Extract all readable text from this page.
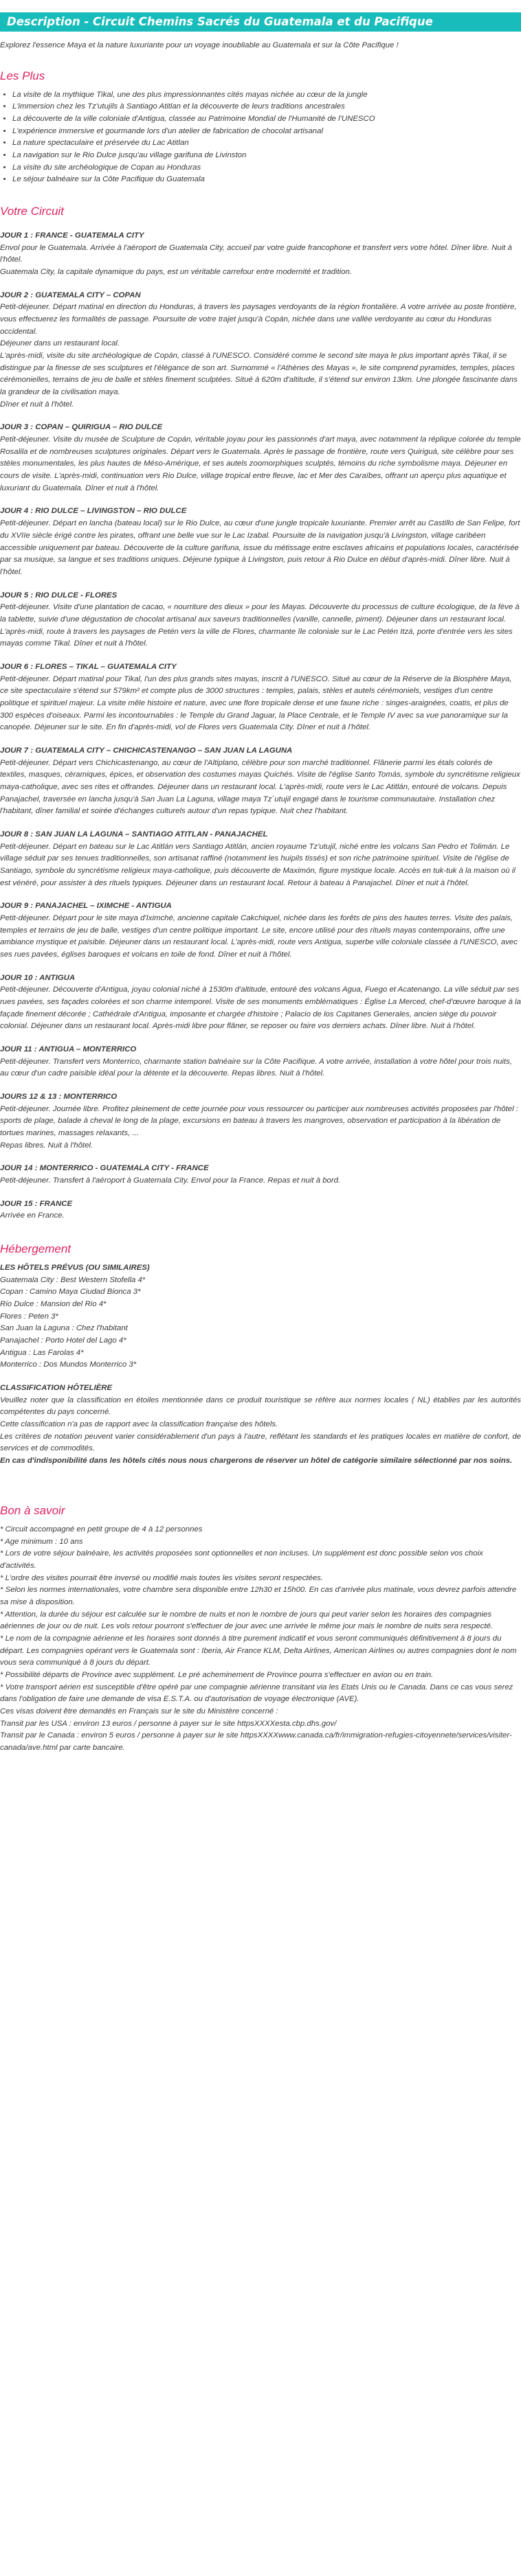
Description - Circuit Chemins Sacrés du Guatemala et du Pacifique

Explorez l'essence Maya et la nature luxuriante pour un voyage inoubliable au Guatemala et sur la Côte Pacifique !

Les Plus
• La visite de la mythique Tikal, une des plus impressionnantes cités mayas nichée au cœur de la jungle
• L'immersion chez les Tz'utujils à Santiago Atitlan et la découverte de leurs traditions ancestrales
• La découverte de la ville coloniale d'Antigua, classée au Patrimoine Mondial de l'Humanité de l'UNESCO
• L'expérience immersive et gourmande lors d'un atelier de fabrication de chocolat artisanal
• La nature spectaculaire et préservée du Lac Atitlan
• La navigation sur le Rio Dulce jusqu'au village garifuna de Livinston
• La visite du site archéologique de Copan au Honduras
• Le séjour balnéaire sur la Côte Pacifique du Guatemala
Votre Circuit
JOUR 1 : FRANCE - GUATEMALA CITY
Envol pour le Guatemala. Arrivée à l'aéroport de Guatemala City, accueil par votre guide francophone et transfert vers votre hôtel. Dîner libre. Nuit à l'hôtel.
Guatemala City, la capitale dynamique du pays, est un véritable carrefour entre modernité et tradition.
JOUR 2 : GUATEMALA CITY – COPAN
Petit-déjeuner. Départ matinal en direction du Honduras, à travers les paysages verdoyants de la région frontalière. A votre arrivée au poste frontière, vous effectuerez les formalités de passage. Poursuite de votre trajet jusqu'à Copán, nichée dans une vallée verdoyante au cœur du Honduras occidental.
Déjeuner dans un restaurant local.
L'après-midi, visite du site archéologique de Copán, classé à l'UNESCO. Considéré comme le second site maya le plus important après Tikal, il se distingue par la finesse de ses sculptures et l'élégance de son art. Surnommé « l'Athènes des Mayas », le site comprend pyramides, temples, places cérémonielles, terrains de jeu de balle et stèles finement sculptées. Situé à 620m d'altitude, il s'étend sur environ 13km. Une plongée fascinante dans la grandeur de la civilisation maya.
Dîner et nuit à l'hôtel.
JOUR 3 : COPAN – QUIRIGUA – RIO DULCE
Petit-déjeuner. Visite du musée de Sculpture de Copán, véritable joyau pour les passionnés d'art maya, avec notamment la réplique colorée du temple Rosalila et de nombreuses sculptures originales. Départ vers le Guatemala. Après le passage de frontière, route vers Quiriguá, site célèbre pour ses stèles monumentales, les plus hautes de Méso-Amérique, et ses autels zoomorphiques sculptés, témoins du riche symbolisme maya. Déjeuner en cours de visite. L'après-midi, continuation vers Rio Dulce, village tropical entre fleuve, lac et Mer des Caraïbes, offrant un aperçu plus aquatique et luxuriant du Guatemala. Dîner et nuit à l'hôtel.
JOUR 4 : RIO DULCE – LIVINGSTON – RIO DULCE
Petit-déjeuner. Départ en lancha (bateau local) sur le Rio Dulce, au cœur d'une jungle tropicale luxuriante. Premier arrêt au Castillo de San Felipe, fort du XVIIe siècle érigé contre les pirates, offrant une belle vue sur le Lac Izabal. Poursuite de la navigation jusqu'à Livingston, village caribéen accessible uniquement par bateau. Découverte de la culture garifuna, issue du métissage entre esclaves africains et populations locales, caractérisée par sa musique, sa langue et ses traditions uniques. Déjeune typique à Livingston, puis retour à Rio Dulce en début d'après-midi. Dîner libre. Nuit à l'hôtel.
JOUR 5 : RIO DULCE - FLORES
Petit-déjeuner. Visite d'une plantation de cacao, « nourriture des dieux » pour les Mayas. Découverte du processus de culture écologique, de la fève à la tablette, suivie d'une dégustation de chocolat artisanal aux saveurs traditionnelles (vanille, cannelle, piment). Déjeuner dans un restaurant local. L'après-midi, route à travers les paysages de Petén vers la ville de Flores, charmante île coloniale sur le Lac Petén Itzá, porte d'entrée vers les sites mayas comme Tikal. Dîner et nuit à l'hôtel.
JOUR 6 : FLORES – TIKAL – GUATEMALA CITY
Petit-déjeuner. Départ matinal pour Tikal, l'un des plus grands sites mayas, inscrit à l'UNESCO. Situé au cœur de la Réserve de la Biosphère Maya, ce site spectaculaire s'étend sur 579km² et compte plus de 3000 structures : temples, palais, stèles et autels cérémoniels, vestiges d'un centre politique et spirituel majeur. La visite mêle histoire et nature, avec une flore tropicale dense et une faune riche : singes-araignées, coatis, et plus de 300 espèces d'oiseaux. Parmi les incontournables : le Temple du Grand Jaguar, la Place Centrale, et le Temple IV avec sa vue panoramique sur la canopée. Déjeuner sur le site. En fin d'après-midi, vol de Flores vers Guatemala City. Dîner et nuit à l'hôtel.
JOUR 7 : GUATEMALA CITY – CHICHICASTENANGO – SAN JUAN LA LAGUNA
Petit-déjeuner. Départ vers Chichicastenango, au cœur de l'Altiplano, célèbre pour son marché traditionnel. Flânerie parmi les étals colorés de textiles, masques, céramiques, épices, et observation des costumes mayas Quichés. Visite de l'église Santo Tomás, symbole du syncrétisme religieux maya-catholique, avec ses rites et offrandes. Déjeuner dans un restaurant local. L'après-midi, route vers le Lac Atitlán, entouré de volcans. Depuis Panajachel, traversée en lancha jusqu'à San Juan La Laguna, village maya Tz´utujil engagé dans le tourisme communautaire. Installation chez l'habitant, dîner familial et soirée d'échanges culturels autour d'un repas typique. Nuit chez l'habitant.
JOUR 8 : SAN JUAN LA LAGUNA – SANTIAGO ATITLAN - PANAJACHEL
Petit-déjeuner. Départ en bateau sur le Lac Atitlán vers Santiago Atitlán, ancien royaume Tz'utujil, niché entre les volcans San Pedro et Tolimán. Le village séduit par ses tenues traditionnelles, son artisanat raffiné (notamment les huipils tissés) et son riche patrimoine spirituel. Visite de l'église de Santiago, symbole du syncrétisme religieux maya-catholique, puis découverte de Maximón, figure mystique locale. Accès en tuk-tuk à la maison où il est vénéré, pour assister à des rituels typiques. Déjeuner dans un restaurant local. Retour à bateau à Panajachel. Dîner et nuit à l'hôtel.
JOUR 9 : PANAJACHEL – IXIMCHE - ANTIGUA
Petit-déjeuner. Départ pour le site maya d'Iximché, ancienne capitale Cakchiquel, nichée dans les forêts de pins des hautes terres. Visite des palais, temples et terrains de jeu de balle, vestiges d'un centre politique important. Le site, encore utilisé pour des rituels mayas contemporains, offre une ambiance mystique et paisible. Déjeuner dans un restaurant local. L'après-midi, route vers Antigua, superbe ville coloniale classée à l'UNESCO, avec ses rues pavées, églises baroques et volcans en toile de fond. Dîner et nuit à l'hôtel.
JOUR 10 : ANTIGUA
Petit-déjeuner. Découverte d'Antigua, joyau colonial niché à 1530m d'altitude, entouré des volcans Agua, Fuego et Acatenango. La ville séduit par ses rues pavées, ses façades colorées et son charme intemporel. Visite de ses monuments emblématiques : Église La Merced, chef-d'œuvre baroque à la façade finement décorée ; Cathédrale d'Antigua, imposante et chargée d'histoire ; Palacio de los Capitanes Generales, ancien siège du pouvoir colonial. Déjeuner dans un restaurant local. Après-midi libre pour flâner, se reposer ou faire vos derniers achats. Dîner libre. Nuit à l'hôtel.
JOUR 11 : ANTIGUA – MONTERRICO
Petit-déjeuner. Transfert vers Monterrico, charmante station balnéaire sur la Côte Pacifique. A votre arrivée, installation à votre hôtel pour trois nuits, au cœur d'un cadre paisible idéal pour la détente et la découverte. Repas libres. Nuit à l'hôtel.
JOURS 12 & 13 : MONTERRICO
Petit-déjeuner. Journée libre. Profitez pleinement de cette journée pour vous ressourcer ou participer aux nombreuses activités proposées par l'hôtel : sports de plage, balade à cheval le long de la plage, excursions en bateau à travers les mangroves, observation et participation à la libération de tortues marines, massages relaxants, ...
Repas libres. Nuit à l'hôtel.
JOUR 14 : MONTERRICO - GUATEMALA CITY - FRANCE
Petit-déjeuner. Transfert à l'aéroport à Guatemala City. Envol pour la France. Repas et nuit à bord.
JOUR 15 : FRANCE
Arrivée en France.
Hébergement
LES HÔTELS PRÉVUS (OU SIMILAIRES)
Guatemala City : Best Western Stofella 4*
Copan : Camino Maya Ciudad Bionca 3*
Rio Dulce : Mansion del Rio 4*
Flores : Peten 3*
San Juan la Laguna : Chez l'habitant
Panajachel : Porto Hotel del Lago 4*
Antigua : Las Farolas 4*
Monterrico : Dos Mundos Monterrico 3*
CLASSIFICATION HÔTELIÈRE

Veuillez noter que la classification en étoiles mentionnée dans ce produit touristique se réfère aux normes locales ( NL) établies par les autorités compétentes du pays concerné.

Cette classification n'a pas de rapport avec la classification française des hôtels.

Les critères de notation peuvent varier considérablement d'un pays à l'autre, reflétant les standards et les pratiques locales en matière de confort, de services et de commodités.

En cas d'indisponibilité dans les hôtels cités nous nous chargerons de réserver un hôtel de catégorie similaire sélectionné par nos soins.

Bon à savoir

* Circuit accompagné en petit groupe de 4 à 12 personnes

* Age minimum : 10 ans

* Lors de votre séjour balnéaire, les activités proposées sont optionnelles et non incluses. Un supplément est donc possible selon vos choix d'activités.

* L'ordre des visites pourrait être inversé ou modifié mais toutes les visites seront respectées.

* Selon les normes internationales, votre chambre sera disponible entre 12h30 et 15h00. En cas d'arrivée plus matinale, vous devrez parfois attendre sa mise à disposition.

* Attention, la durée du séjour est calculée sur le nombre de nuits et non le nombre de jours qui peut varier selon les horaires des compagnies aériennes de jour ou de nuit. Les vols retour pourront s'effectuer de jour avec une arrivée le même jour mais le nombre de nuits sera respecté.

* Le nom de la compagnie aérienne et les horaires sont donnés à titre purement indicatif et vous seront communiqués définitivement à 8 jours du départ. Les compagnies opérant vers le Guatemala sont : Iberia, Air France KLM, Delta Airlines, American Airlines ou autres compagnies dont le nom vous sera communiqué à 8 jours du départ.

* Possibilité départs de Province avec supplément. Le pré acheminement de Province pourra s'effectuer en avion ou en train.

* Votre transport aérien est susceptible d'être opéré par une compagnie aérienne transitant via les Etats Unis ou le Canada. Dans ce cas vous serez dans l'obligation de faire une demande de visa E.S.T.A. ou d'autorisation de voyage électronique (AVE).

Ces visas doivent être demandés en Français sur le site du Ministère concerné :

Transit par les USA : environ 13 euros / personne à payer sur le site httpsXXXXesta.cbp.dhs.gov/

Transit par le Canada : environ 5 euros / personne à payer sur le site httpsXXXXwww.canada.ca/fr/immigration-refugies-citoyennete/services/visiter-canada/ave.html par carte bancaire.
